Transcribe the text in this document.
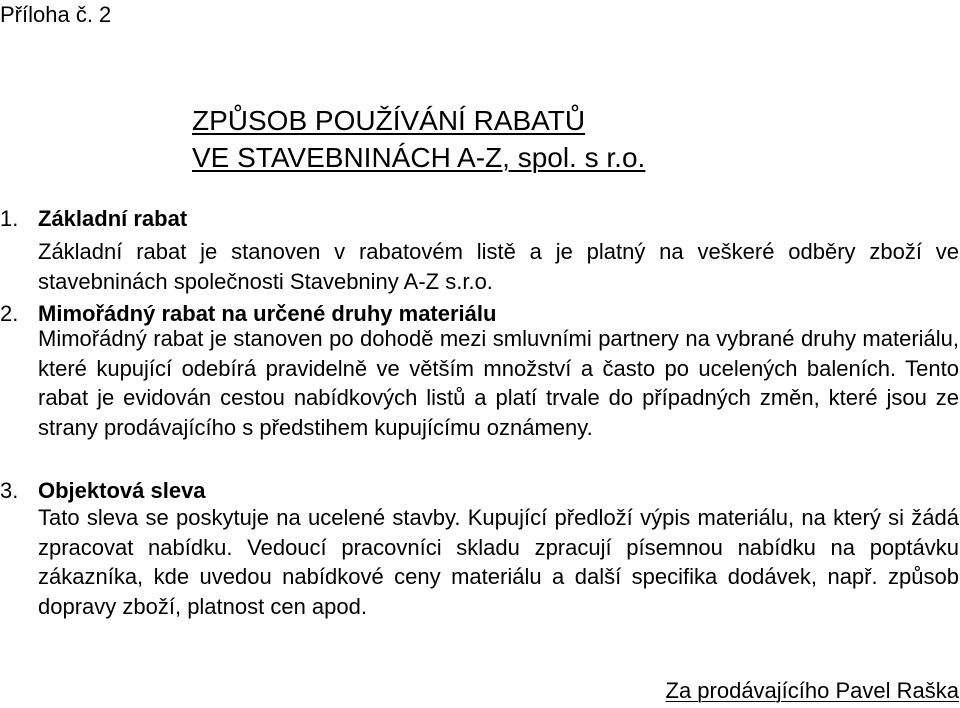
Příloha č. 2
ZPŮSOB POUŽÍVÁNÍ RABATŮ
VE STAVEBNINÁCH A-Z, spol. s r.o.
1. Základní rabat
Základní rabat je stanoven v rabatovém listě a je platný na veškeré odběry zboží ve stavebninách společnosti Stavebniny A-Z s.r.o.
2. Mimořádný rabat na určené druhy materiálu
Mimořádný rabat je stanoven po dohodě mezi smluvními partnery na vybrané druhy materiálu, které kupující odebírá pravidelně ve větším množství a často po ucelených baleních. Tento rabat je evidován cestou nabídkových listů a platí trvale do případných změn, které jsou ze strany prodávajícího s předstihem kupujícímu oznámeny.
3. Objektová sleva
Tato sleva se poskytuje na ucelené stavby. Kupující předloží výpis materiálu, na který si žádá zpracovat nabídku. Vedoucí pracovníci skladu zpracují písemnou nabídku na poptávku zákazníka, kde uvedou nabídkové ceny materiálu a další specifika dodávek, např. způsob dopravy zboží, platnost cen apod.
Za prodávajícího Pavel Raška
